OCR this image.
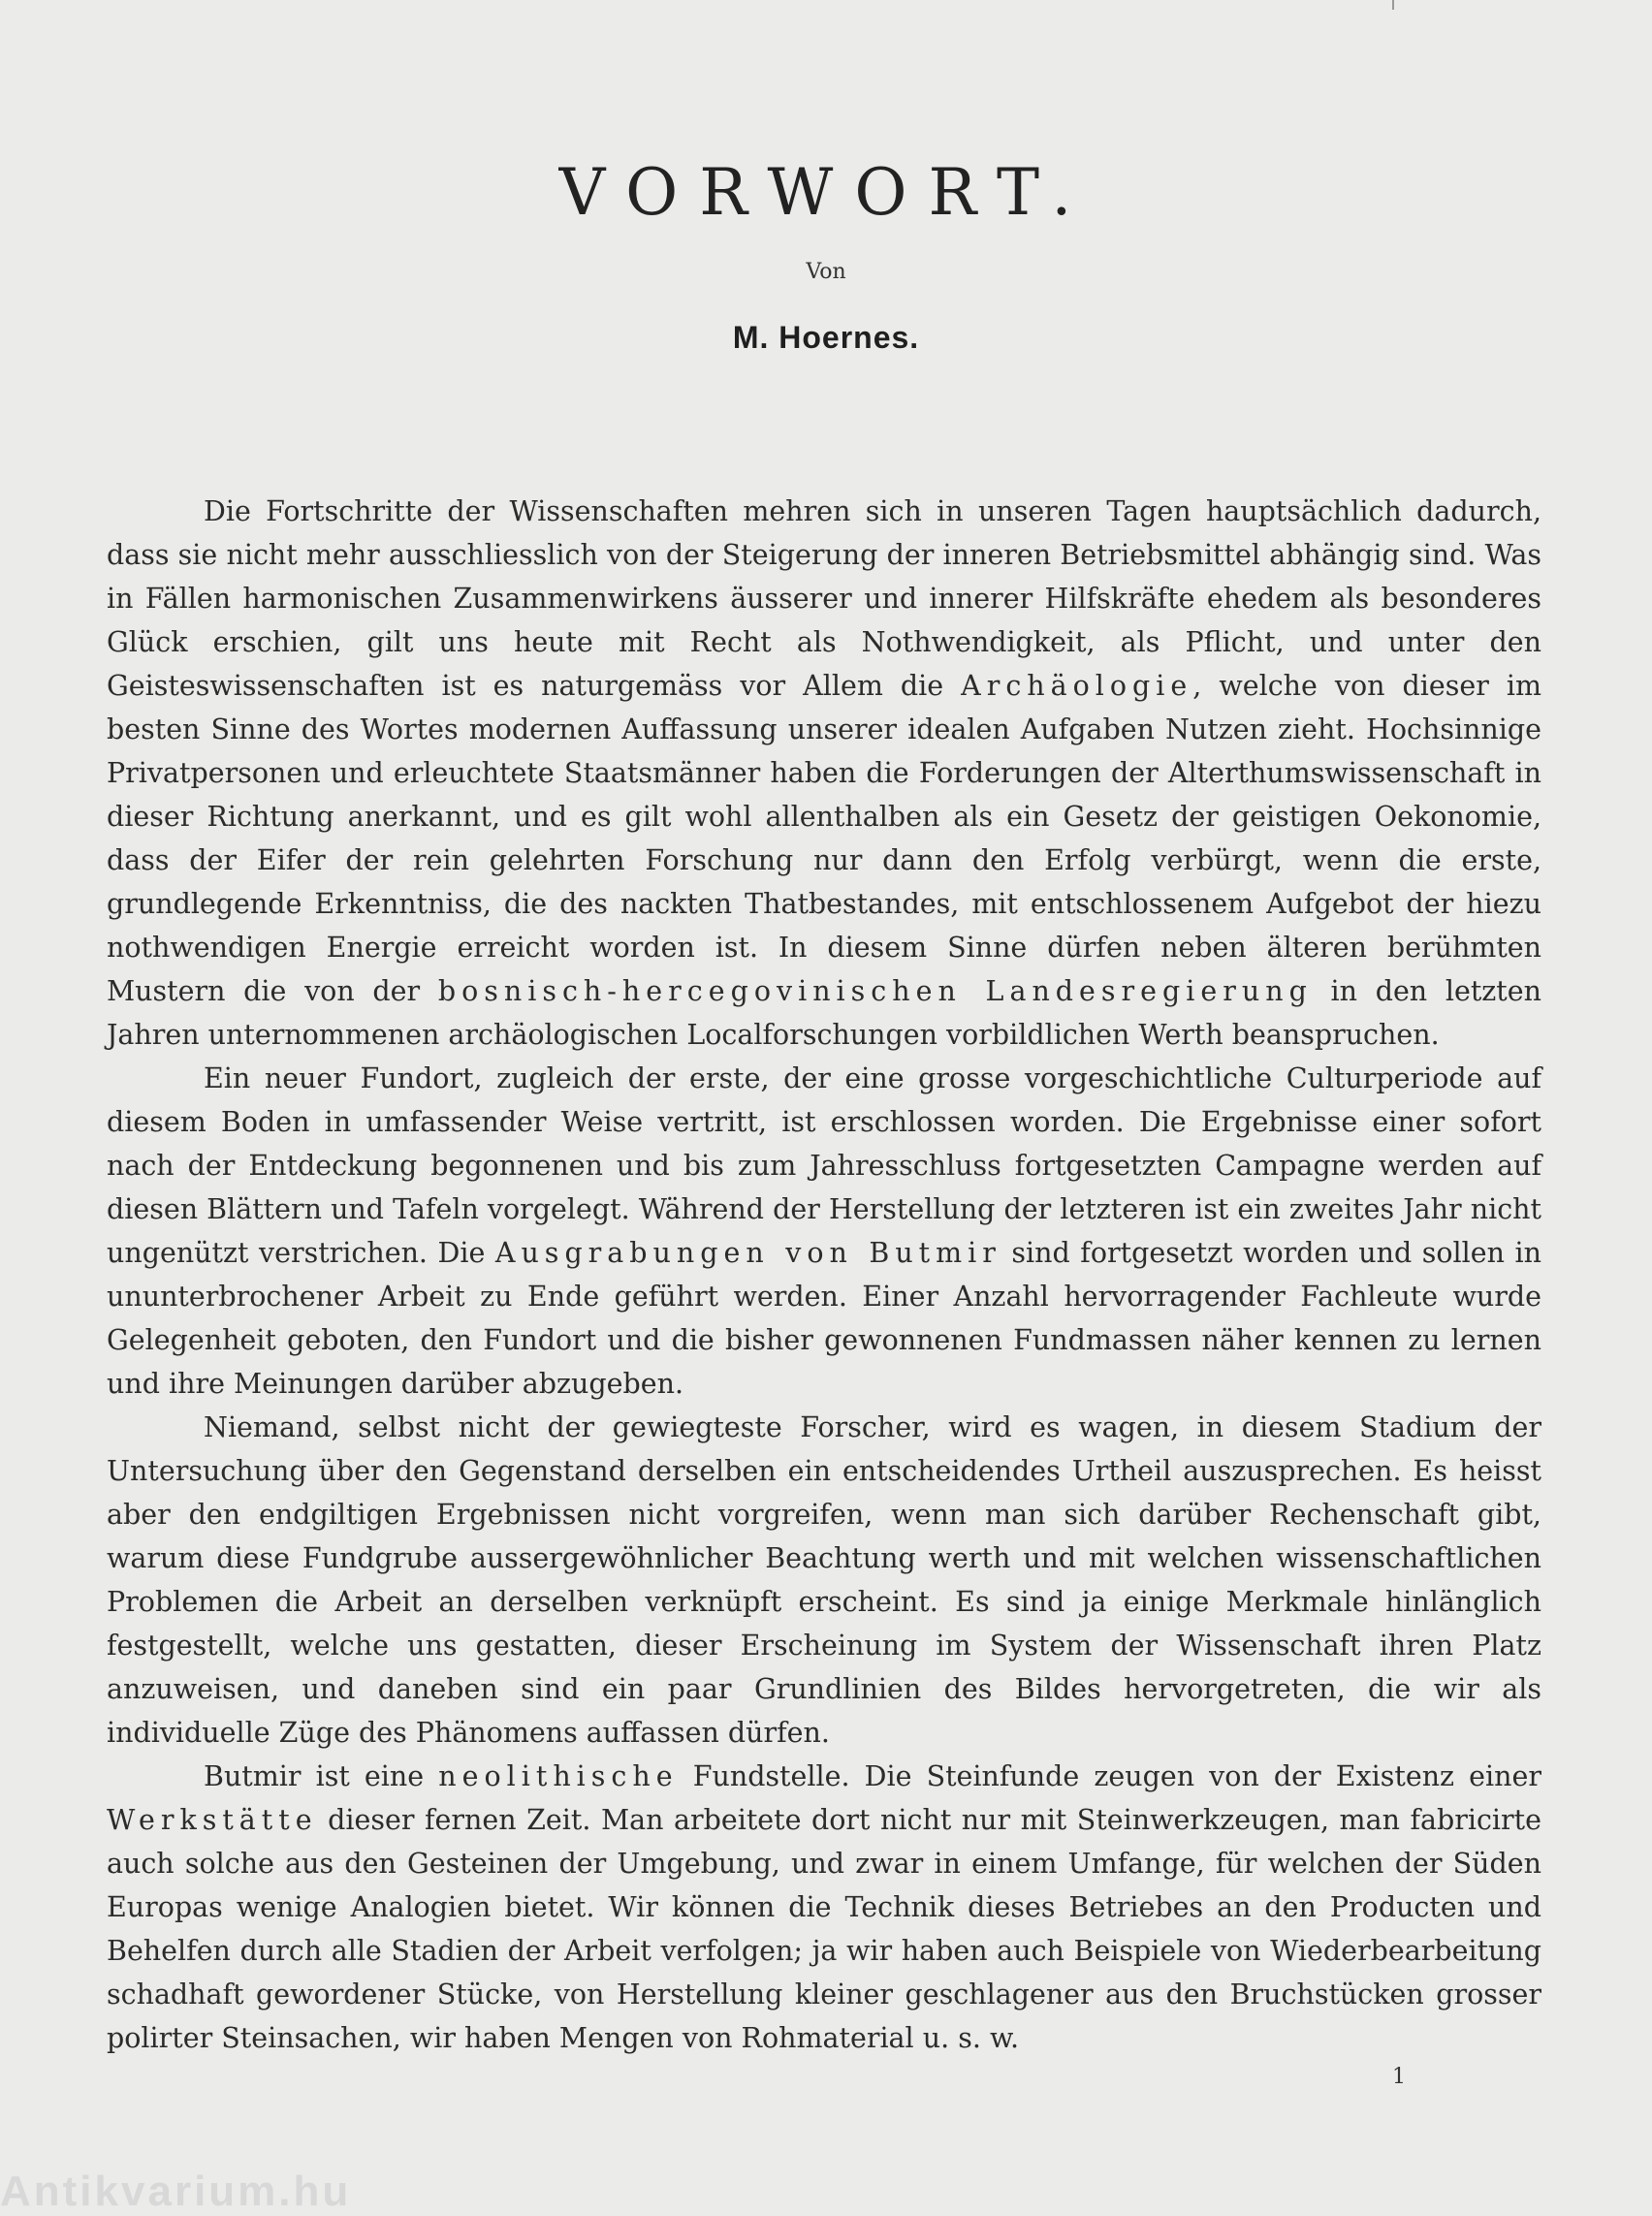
VORWORT.
Von
M. Hoernes.

Die Fortschritte der Wissenschaften mehren sich in unseren Tagen hauptsächlich dadurch, dass sie nicht mehr ausschliesslich von der Steigerung der inneren Betriebsmittel abhängig sind. Was in Fällen harmonischen Zusammenwirkens äusserer und innerer Hilfskräfte ehedem als besonderes Glück erschien, gilt uns heute mit Recht als Nothwendigkeit, als Pflicht, und unter den Geisteswissenschaften ist es naturgemäss vor Allem die Archäologie, welche von dieser im besten Sinne des Wortes modernen Auffassung unserer idealen Aufgaben Nutzen zieht. Hochsinnige Privatpersonen und erleuchtete Staatsmänner haben die Forderungen der Alterthumswissenschaft in dieser Richtung anerkannt, und es gilt wohl allenthalben als ein Gesetz der geistigen Oekonomie, dass der Eifer der rein gelehrten Forschung nur dann den Erfolg verbürgt, wenn die erste, grundlegende Erkenntniss, die des nackten Thatbestandes, mit entschlossenem Aufgebot der hiezu nothwendigen Energie erreicht worden ist. In diesem Sinne dürfen neben älteren berühmten Mustern die von der bosnisch-hercegovinischen Landesregierung in den letzten Jahren unternommenen archäologischen Localforschungen vorbildlichen Werth beanspruchen.

Ein neuer Fundort, zugleich der erste, der eine grosse vorgeschichtliche Culturperiode auf diesem Boden in umfassender Weise vertritt, ist erschlossen worden. Die Ergebnisse einer sofort nach der Entdeckung begonnenen und bis zum Jahresschluss fortgesetzten Campagne werden auf diesen Blättern und Tafeln vorgelegt. Während der Herstellung der letzteren ist ein zweites Jahr nicht ungenützt verstrichen. Die Ausgrabungen von Butmir sind fortgesetzt worden und sollen in ununterbrochener Arbeit zu Ende geführt werden. Einer Anzahl hervorragender Fachleute wurde Gelegenheit geboten, den Fundort und die bisher gewonnenen Fundmassen näher kennen zu lernen und ihre Meinungen darüber abzugeben.

Niemand, selbst nicht der gewiegteste Forscher, wird es wagen, in diesem Stadium der Untersuchung über den Gegenstand derselben ein entscheidendes Urtheil auszusprechen. Es heisst aber den endgiltigen Ergebnissen nicht vorgreifen, wenn man sich darüber Rechenschaft gibt, warum diese Fundgrube aussergewöhnlicher Beachtung werth und mit welchen wissenschaftlichen Problemen die Arbeit an derselben verknüpft erscheint. Es sind ja einige Merkmale hinlänglich festgestellt, welche uns gestatten, dieser Erscheinung im System der Wissenschaft ihren Platz anzuweisen, und daneben sind ein paar Grundlinien des Bildes hervorgetreten, die wir als individuelle Züge des Phänomens auffassen dürfen.

Butmir ist eine neolithische Fundstelle. Die Steinfunde zeugen von der Existenz einer Werkstätte dieser fernen Zeit. Man arbeitete dort nicht nur mit Steinwerkzeugen, man fabricirte auch solche aus den Gesteinen der Umgebung, und zwar in einem Umfange, für welchen der Süden Europas wenige Analogien bietet. Wir können die Technik dieses Betriebes an den Producten und Behelfen durch alle Stadien der Arbeit verfolgen; ja wir haben auch Beispiele von Wiederbearbeitung schadhaft gewordener Stücke, von Herstellung kleiner geschlagener aus den Bruchstücken grosser polirter Steinsachen, wir haben Mengen von Rohmaterial u. s. w.

1
Antikvarium.hu
